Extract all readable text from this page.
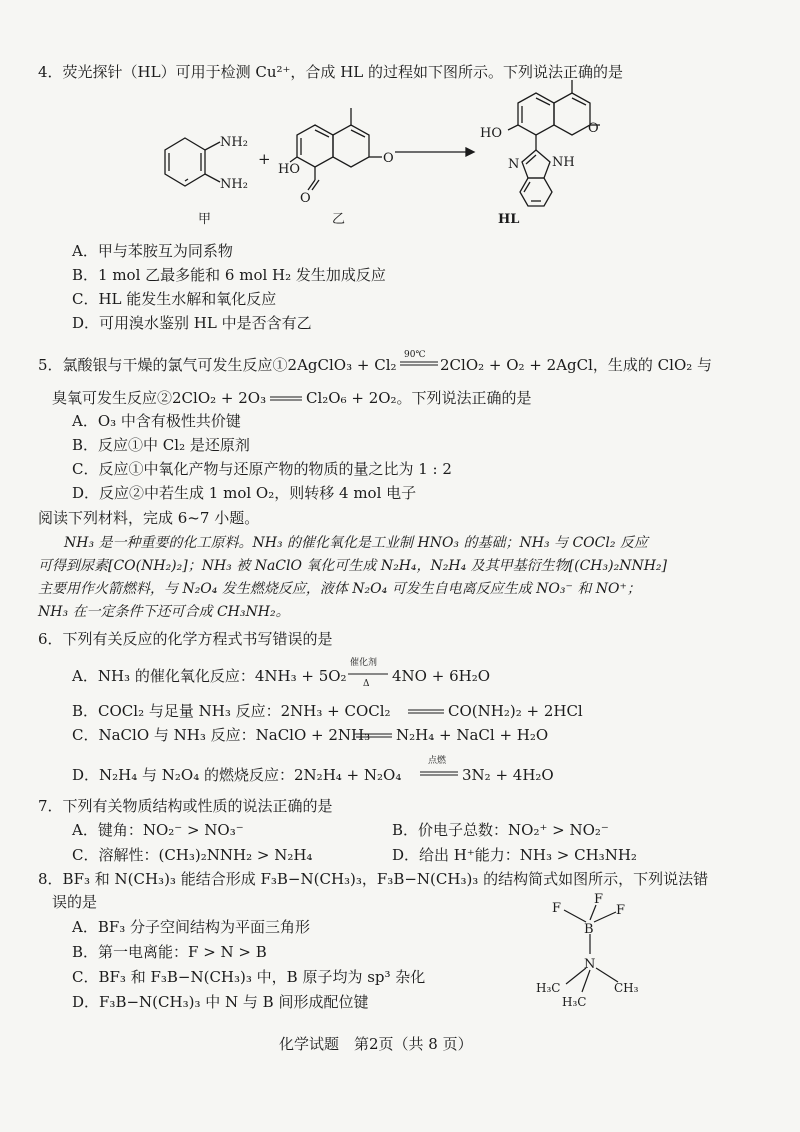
4．荧光探针（HL）可用于检测 Cu²⁺，合成 HL 的过程如下图所示。下列说法正确的是
NH₂
NH₂
+
HO
O
O
HO	O
NH
N
甲	乙	HL
A．甲与苯胺互为同系物
B．1 mol 乙最多能和 6 mol H₂ 发生加成反应
C．HL 能发生水解和氧化反应
D．可用溴水鉴别 HL 中是否含有乙
5．氯酸银与干燥的氯气可发生反应①2AgClO₃ + Cl₂
90℃
2ClO₂ + O₂ + 2AgCl，生成的 ClO₂ 与
臭氧可发生反应②2ClO₂ + 2O₃	Cl₂O₆ + 2O₂。下列说法正确的是
A．O₃ 中含有极性共价键
B．反应①中 Cl₂ 是还原剂
C．反应①中氧化产物与还原产物的物质的量之比为 1 : 2
D．反应②中若生成 1 mol O₂，则转移 4 mol 电子
阅读下列材料，完成 6~7 小题。
NH₃ 是一种重要的化工原料。NH₃ 的催化氧化是工业制 HNO₃ 的基础；NH₃ 与 COCl₂ 反应
可得到尿素[CO(NH₂)₂]；NH₃ 被 NaClO 氧化可生成 N₂H₄，N₂H₄ 及其甲基衍生物[(CH₃)₂NNH₂]
主要用作火箭燃料，与 N₂O₄ 发生燃烧反应，液体 N₂O₄ 可发生自电离反应生成 NO₃⁻ 和 NO⁺；
NH₃ 在一定条件下还可合成 CH₃NH₂。
6．下列有关反应的化学方程式书写错误的是
A．NH₃ 的催化氧化反应：4NH₃ + 5O₂
催化剂
Δ 4NO + 6H₂O
B．COCl₂ 与足量 NH₃ 反应：2NH₃ + COCl₂	CO(NH₂)₂ + 2HCl
C．NaClO 与 NH₃ 反应：NaClO + 2NH₃ N₂H₄ + NaCl + H₂O
D．N₂H₄ 与 N₂O₄ 的燃烧反应：2N₂H₄ + N₂O₄
点燃
3N₂ + 4H₂O
7．下列有关物质结构或性质的说法正确的是
A．键角：NO₂⁻ > NO₃⁻	B．价电子总数：NO₂⁺ > NO₂⁻
C．溶解性：(CH₃)₂NNH₂ > N₂H₄	D．给出 H⁺能力：NH₃ > CH₃NH₂
8．BF₃ 和 N(CH₃)₃ 能结合形成 F₃B−N(CH₃)₃，F₃B−N(CH₃)₃ 的结构简式如图所示，下列说法错
误的是
A．BF₃ 分子空间结构为平面三角形
B．第一电离能：F > N > B
C．BF₃ 和 F₃B−N(CH₃)₃ 中，B 原子均为 sp³ 杂化
D．F₃B−N(CH₃)₃ 中 N 与 B 间形成配位键
F
F
F
B
N
H₃C	CH₃
H₃C
化学试题　第2页（共 8 页）
